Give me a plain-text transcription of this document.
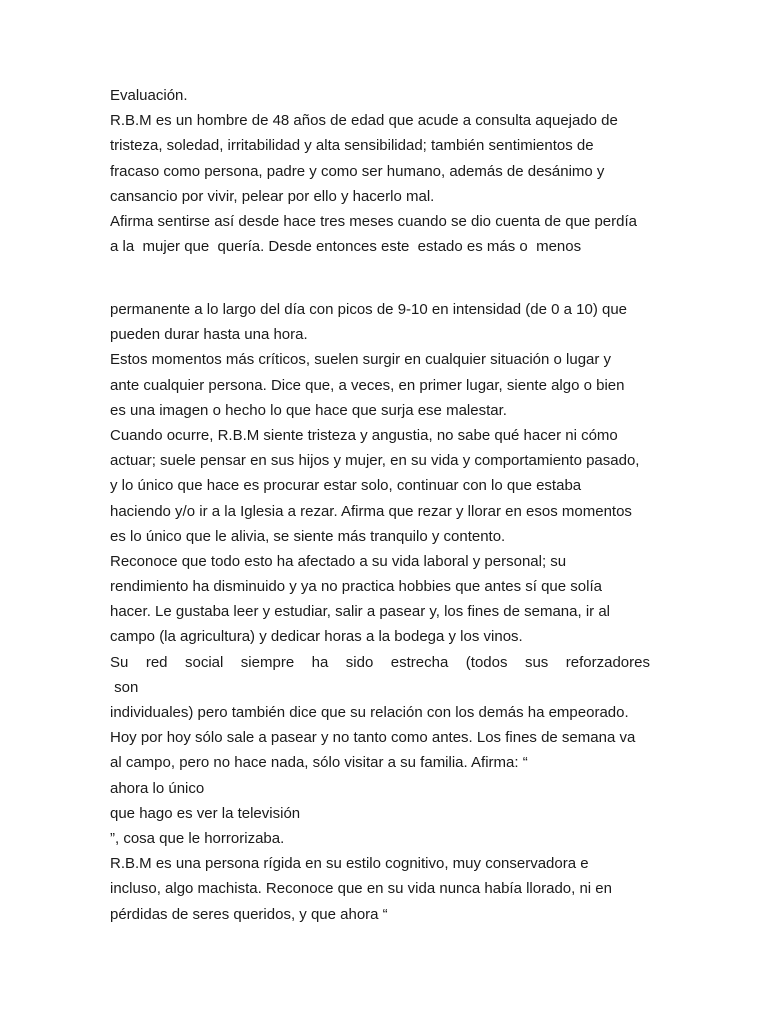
Evaluación.
R.B.M es un hombre de 48 años de edad que acude a consulta aquejado de
tristeza, soledad, irritabilidad y alta sensibilidad; también sentimientos de
fracaso como persona, padre y como ser humano, además de desánimo y
cansancio por vivir, pelear por ello y hacerlo mal.
Afirma sentirse así desde hace tres meses cuando se dio cuenta de que perdía
a la  mujer que  quería. Desde entonces este  estado es más o  menos
permanente a lo largo del día con picos de 9-10 en intensidad (de 0 a 10) que
pueden durar hasta una hora.
Estos momentos más críticos, suelen surgir en cualquier situación o lugar y
ante cualquier persona. Dice que, a veces, en primer lugar, siente algo o bien
es una imagen o hecho lo que hace que surja ese malestar.
Cuando ocurre, R.B.M siente tristeza y angustia, no sabe qué hacer ni cómo
actuar; suele pensar en sus hijos y mujer, en su vida y comportamiento pasado,
y lo único que hace es procurar estar solo, continuar con lo que estaba
haciendo y/o ir a la Iglesia a rezar. Afirma que rezar y llorar en esos momentos
es lo único que le alivia, se siente más tranquilo y contento.
Reconoce que todo esto ha afectado a su vida laboral y personal; su
rendimiento ha disminuido y ya no practica hobbies que antes sí que solía
hacer. Le gustaba leer y estudiar, salir a pasear y, los fines de semana, ir al
campo (la agricultura) y dedicar horas a la bodega y los vinos.
Su red social siempre ha sido estrecha (todos sus reforzadores
son
individuales) pero también dice que su relación con los demás ha empeorado.
Hoy por hoy sólo sale a pasear y no tanto como antes. Los fines de semana va
al campo, pero no hace nada, sólo visitar a su familia. Afirma: “
ahora lo único
que hago es ver la televisión
”, cosa que le horrorizaba.
R.B.M es una persona rígida en su estilo cognitivo, muy conservadora e
incluso, algo machista. Reconoce que en su vida nunca había llorado, ni en
pérdidas de seres queridos, y que ahora “
